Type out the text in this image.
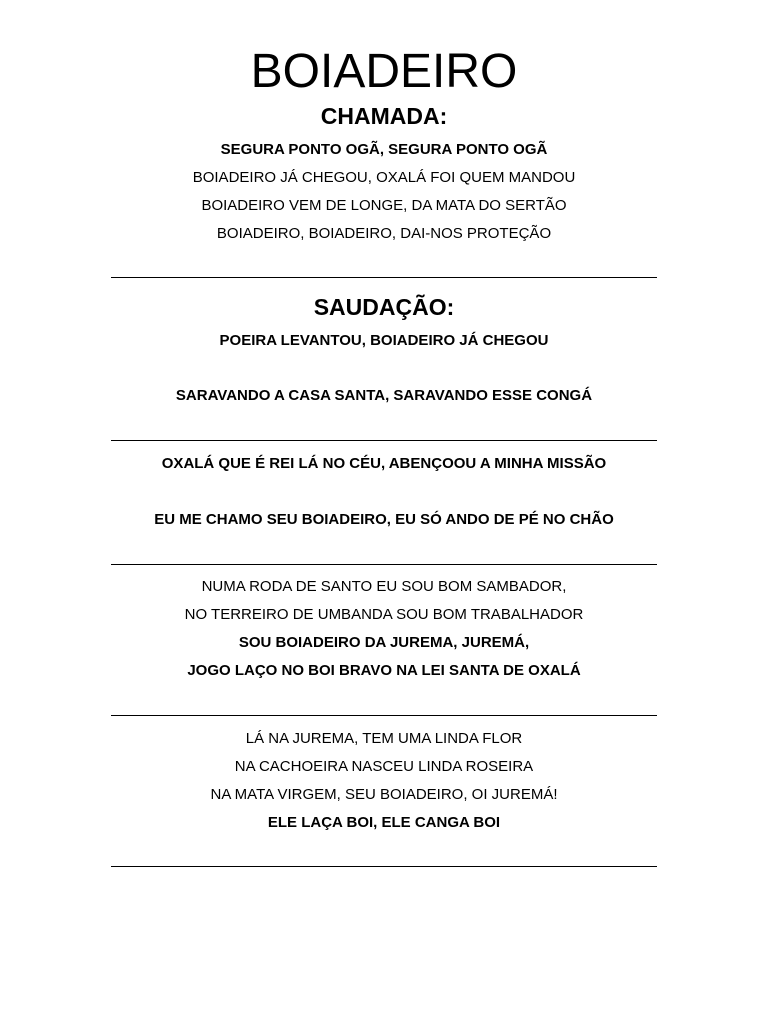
BOIADEIRO
CHAMADA:

SEGURA PONTO OGÃ, SEGURA PONTO OGÃ

BOIADEIRO JÁ CHEGOU, OXALÁ FOI QUEM MANDOU

BOIADEIRO VEM DE LONGE, DA MATA DO SERTÃO

BOIADEIRO, BOIADEIRO, DAI-NOS PROTEÇÃO

SAUDAÇÃO:

POEIRA LEVANTOU, BOIADEIRO JÁ CHEGOU

SARAVANDO A CASA SANTA, SARAVANDO ESSE CONGÁ

OXALÁ QUE É REI LÁ NO CÉU, ABENÇOOU A MINHA MISSÃO

EU ME CHAMO SEU BOIADEIRO, EU SÓ ANDO DE PÉ NO CHÃO

NUMA RODA DE SANTO EU SOU BOM SAMBADOR,

NO TERREIRO DE UMBANDA SOU BOM TRABALHADOR

SOU BOIADEIRO DA JUREMA, JUREMÁ,

JOGO LAÇO NO BOI BRAVO NA LEI SANTA DE OXALÁ

LÁ NA JUREMA, TEM UMA LINDA FLOR

NA CACHOEIRA NASCEU LINDA ROSEIRA

NA MATA VIRGEM, SEU BOIADEIRO, OI JUREMÁ!

ELE LAÇA BOI, ELE CANGA BOI
